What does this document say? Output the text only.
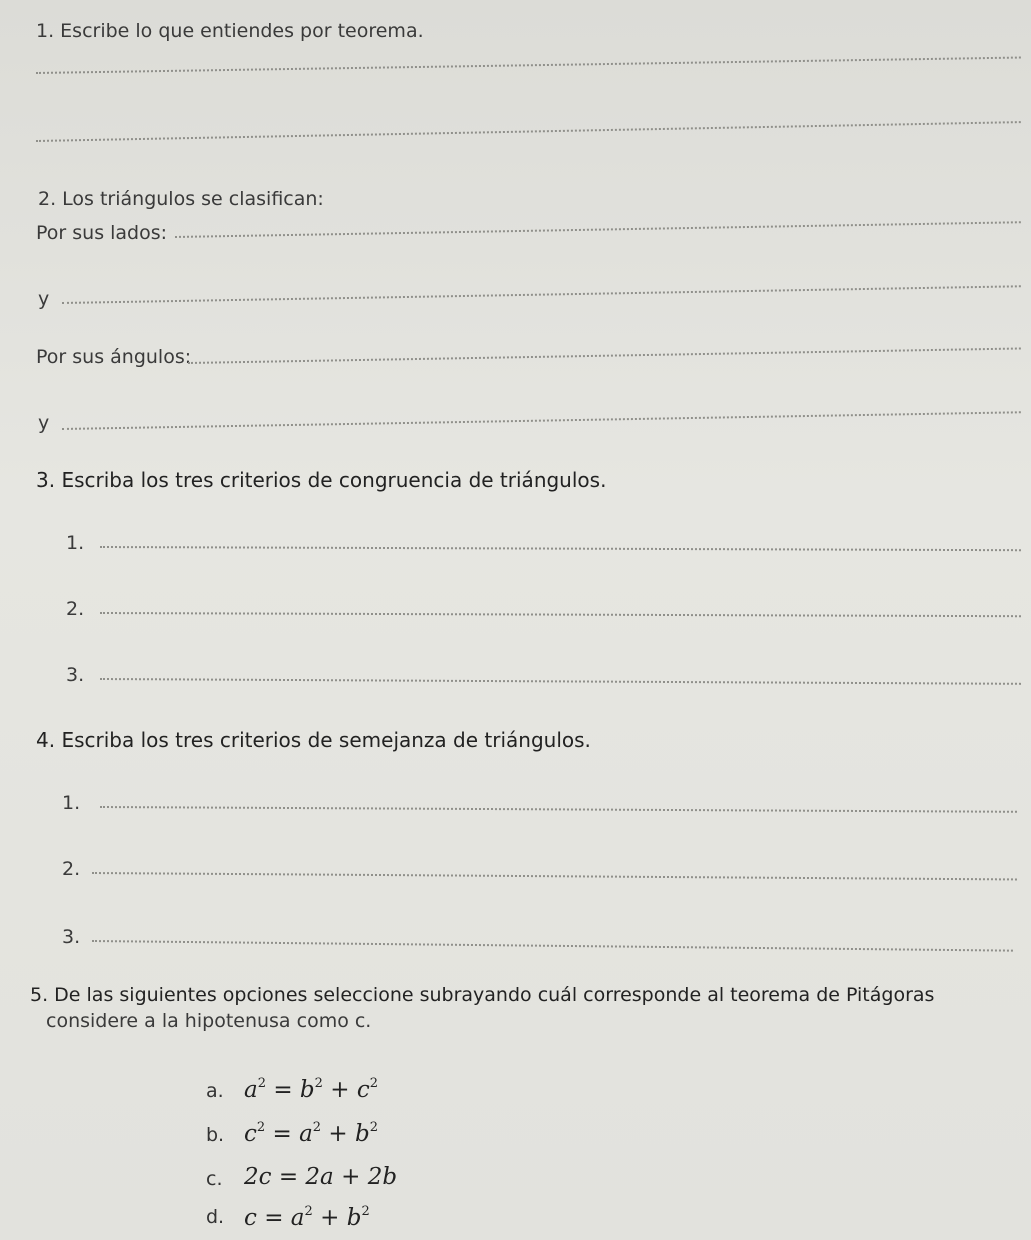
1. Escribe lo que entiendes por teorema.
2. Los triángulos se clasifican:
Por sus lados:
y
Por sus ángulos:
y
3. Escriba los tres criterios de congruencia de triángulos.
1.
2.
3.
4. Escriba los tres criterios de semejanza de triángulos.
1.
2.
3.
5. De las siguientes opciones seleccione subrayando cuál corresponde al teorema de Pitágoras
considere a la hipotenusa como c.
a. $a^2 = b^2 + c^2$
b. $c^2 = a^2 + b^2$
c. 2c = 2a + 2b
d. $c = a^2 + b^2$
